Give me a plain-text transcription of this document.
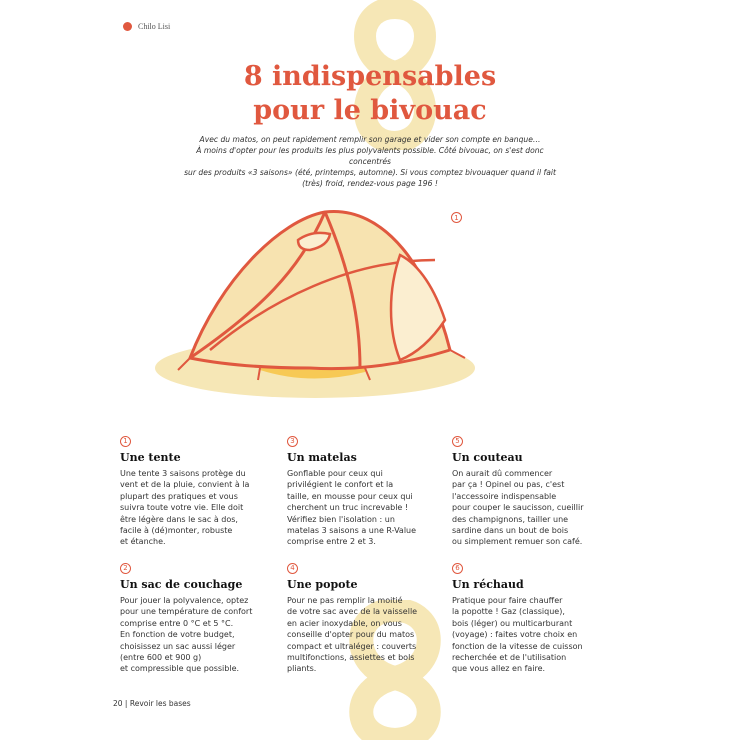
Chilo Lisi
8 indispensables
pour le bivouac
Avec du matos, on peut rapidement remplir son garage et vider son compte en banque…
À moins d'opter pour les produits les plus polyvalents possible. Côté bivouac, on s'est donc concentrés
sur des produits «3 saisons» (été, printemps, automne). Si vous comptez bivouaquer quand il fait
(très) froid, rendez-vous page 196 !
1
1
Une tente

Une tente 3 saisons protège du
vent et de la pluie, convient à la
plupart des pratiques et vous
suivra toute votre vie. Elle doit
être légère dans le sac à dos,
facile à (dé)monter, robuste
et étanche.

2
Un sac de couchage

Pour jouer la polyvalence, optez
pour une température de confort
comprise entre 0 °C et 5 °C.
En fonction de votre budget,
choisissez un sac aussi léger
(entre 600 et 900 g)
et compressible que possible.

3
Un matelas

Gonflable pour ceux qui
privilégient le confort et la
taille, en mousse pour ceux qui
cherchent un truc increvable !
Vérifiez bien l'isolation : un
matelas 3 saisons a une R-Value
comprise entre 2 et 3.

4
Une popote

Pour ne pas remplir la moitié
de votre sac avec de la vaisselle
en acier inoxydable, on vous
conseille d'opter pour du matos
compact et ultraléger : couverts
multifonctions, assiettes et bols
pliants.

5
Un couteau

On aurait dû commencer
par ça ! Opinel ou pas, c'est
l'accessoire indispensable
pour couper le saucisson, cueillir
des champignons, tailler une
sardine dans un bout de bois
ou simplement remuer son café.

6
Un réchaud

Pratique pour faire chauffer
la popotte ! Gaz (classique),
bois (léger) ou multicarburant
(voyage) : faites votre choix en
fonction de la vitesse de cuisson
recherchée et de l'utilisation
que vous allez en faire.

20 | Revoir les bases
